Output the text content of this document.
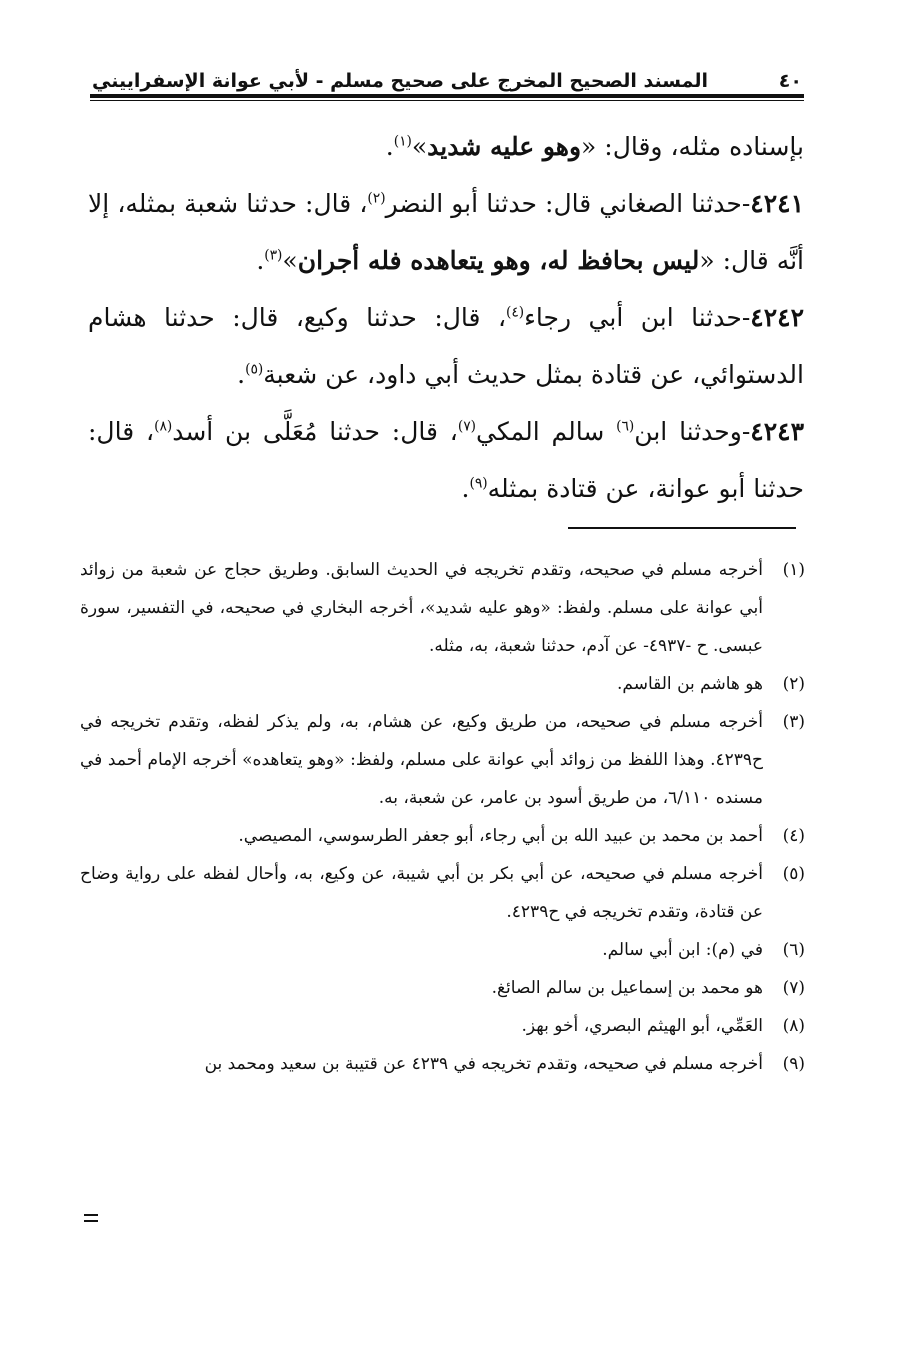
٤٠
المسند الصحيح المخرج على صحيح مسلم - لأبي عوانة الإسفراييني

بإسناده مثله، وقال: «وهو عليه شديد»$^{(١)}$.

٤٢٤١-حدثنا الصغاني قال: حدثنا أبو النضر$^{(٢)}$، قال: حدثنا شعبة بمثله، إلا أنَّه قال: «ليس بحافظ له، وهو يتعاهده فله أجران»$^{(٣)}$.

٤٢٤٢-حدثنا ابن أبي رجاء$^{(٤)}$، قال: حدثنا وكيع، قال: حدثنا هشام الدستوائي، عن قتادة بمثل حديث أبي داود، عن شعبة$^{(٥)}$.

٤٢٤٣-وحدثنا ابن$^{(٦)}$ سالم المكي$^{(٧)}$، قال: حدثنا مُعَلَّى بن أسد$^{(٨)}$، قال: حدثنا أبو عوانة، عن قتادة بمثله$^{(٩)}$.

(١)
أخرجه مسلم في صحيحه، وتقدم تخريجه في الحديث السابق. وطريق حجاج عن شعبة من زوائد أبي عوانة على مسلم. ولفظ: «وهو عليه شديد»، أخرجه البخاري في صحيحه، في التفسير، سورة عبسى. ح -٤٩٣٧- عن آدم، حدثنا شعبة، به، مثله.
(٢)
هو هاشم بن القاسم.
(٣)
أخرجه مسلم في صحيحه، من طريق وكيع، عن هشام، به، ولم يذكر لفظه، وتقدم تخريجه في ح٤٢٣٩. وهذا اللفظ من زوائد أبي عوانة على مسلم، ولفظ: «وهو يتعاهده» أخرجه الإمام أحمد في مسنده ٦/١١٠، من طريق أسود بن عامر، عن شعبة، به.
(٤)
أحمد بن محمد بن عبيد الله بن أبي رجاء، أبو جعفر الطرسوسي، المصيصي.
(٥)
أخرجه مسلم في صحيحه، عن أبي بكر بن أبي شيبة، عن وكيع، به، وأحال لفظه على رواية وضاح عن قتادة، وتقدم تخريجه في ح٤٢٣٩.
(٦)
في (م): ابن أبي سالم.
(٧)
هو محمد بن إسماعيل بن سالم الصائغ.
(٨)
العَمِّي، أبو الهيثم البصري، أخو بهز.
(٩)
أخرجه مسلم في صحيحه، وتقدم تخريجه في ٤٢٣٩ عن قتيبة بن سعيد ومحمد بن
